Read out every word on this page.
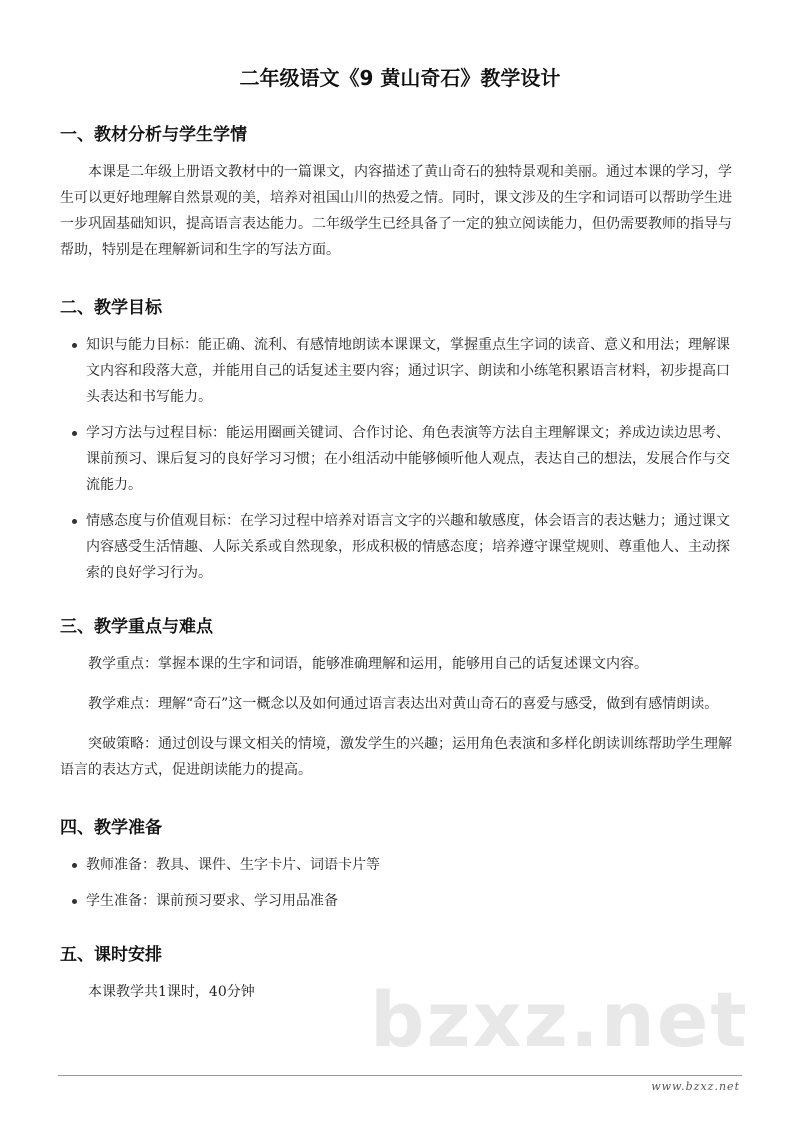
二年级语文《9 黄山奇石》教学设计
一、教材分析与学生学情

本课是二年级上册语文教材中的一篇课文，内容描述了黄山奇石的独特景观和美丽。通过本课的学习，学生可以更好地理解自然景观的美，培养对祖国山川的热爱之情。同时，课文涉及的生字和词语可以帮助学生进一步巩固基础知识，提高语言表达能力。二年级学生已经具备了一定的独立阅读能力，但仍需要教师的指导与帮助，特别是在理解新词和生字的写法方面。

二、教学目标
知识与能力目标：能正确、流利、有感情地朗读本课课文，掌握重点生字词的读音、意义和用法；理解课文内容和段落大意，并能用自己的话复述主要内容；通过识字、朗读和小练笔积累语言材料，初步提高口头表达和书写能力。
学习方法与过程目标：能运用圈画关键词、合作讨论、角色表演等方法自主理解课文；养成边读边思考、课前预习、课后复习的良好学习习惯；在小组活动中能够倾听他人观点，表达自己的想法，发展合作与交流能力。
情感态度与价值观目标：在学习过程中培养对语言文字的兴趣和敏感度，体会语言的表达魅力；通过课文内容感受生活情趣、人际关系或自然现象，形成积极的情感态度；培养遵守课堂规则、尊重他人、主动探索的良好学习行为。
三、教学重点与难点

教学重点：掌握本课的生字和词语，能够准确理解和运用，能够用自己的话复述课文内容。

教学难点：理解“奇石”这一概念以及如何通过语言表达出对黄山奇石的喜爱与感受，做到有感情朗读。

突破策略：通过创设与课文相关的情境，激发学生的兴趣；运用角色表演和多样化朗读训练帮助学生理解语言的表达方式，促进朗读能力的提高。

四、教学准备
教师准备：教具、课件、生字卡片、词语卡片等
学生准备：课前预习要求、学习用品准备
五、课时安排

本课教学共1课时，40分钟	bzxz.net
www.bzxz.net
